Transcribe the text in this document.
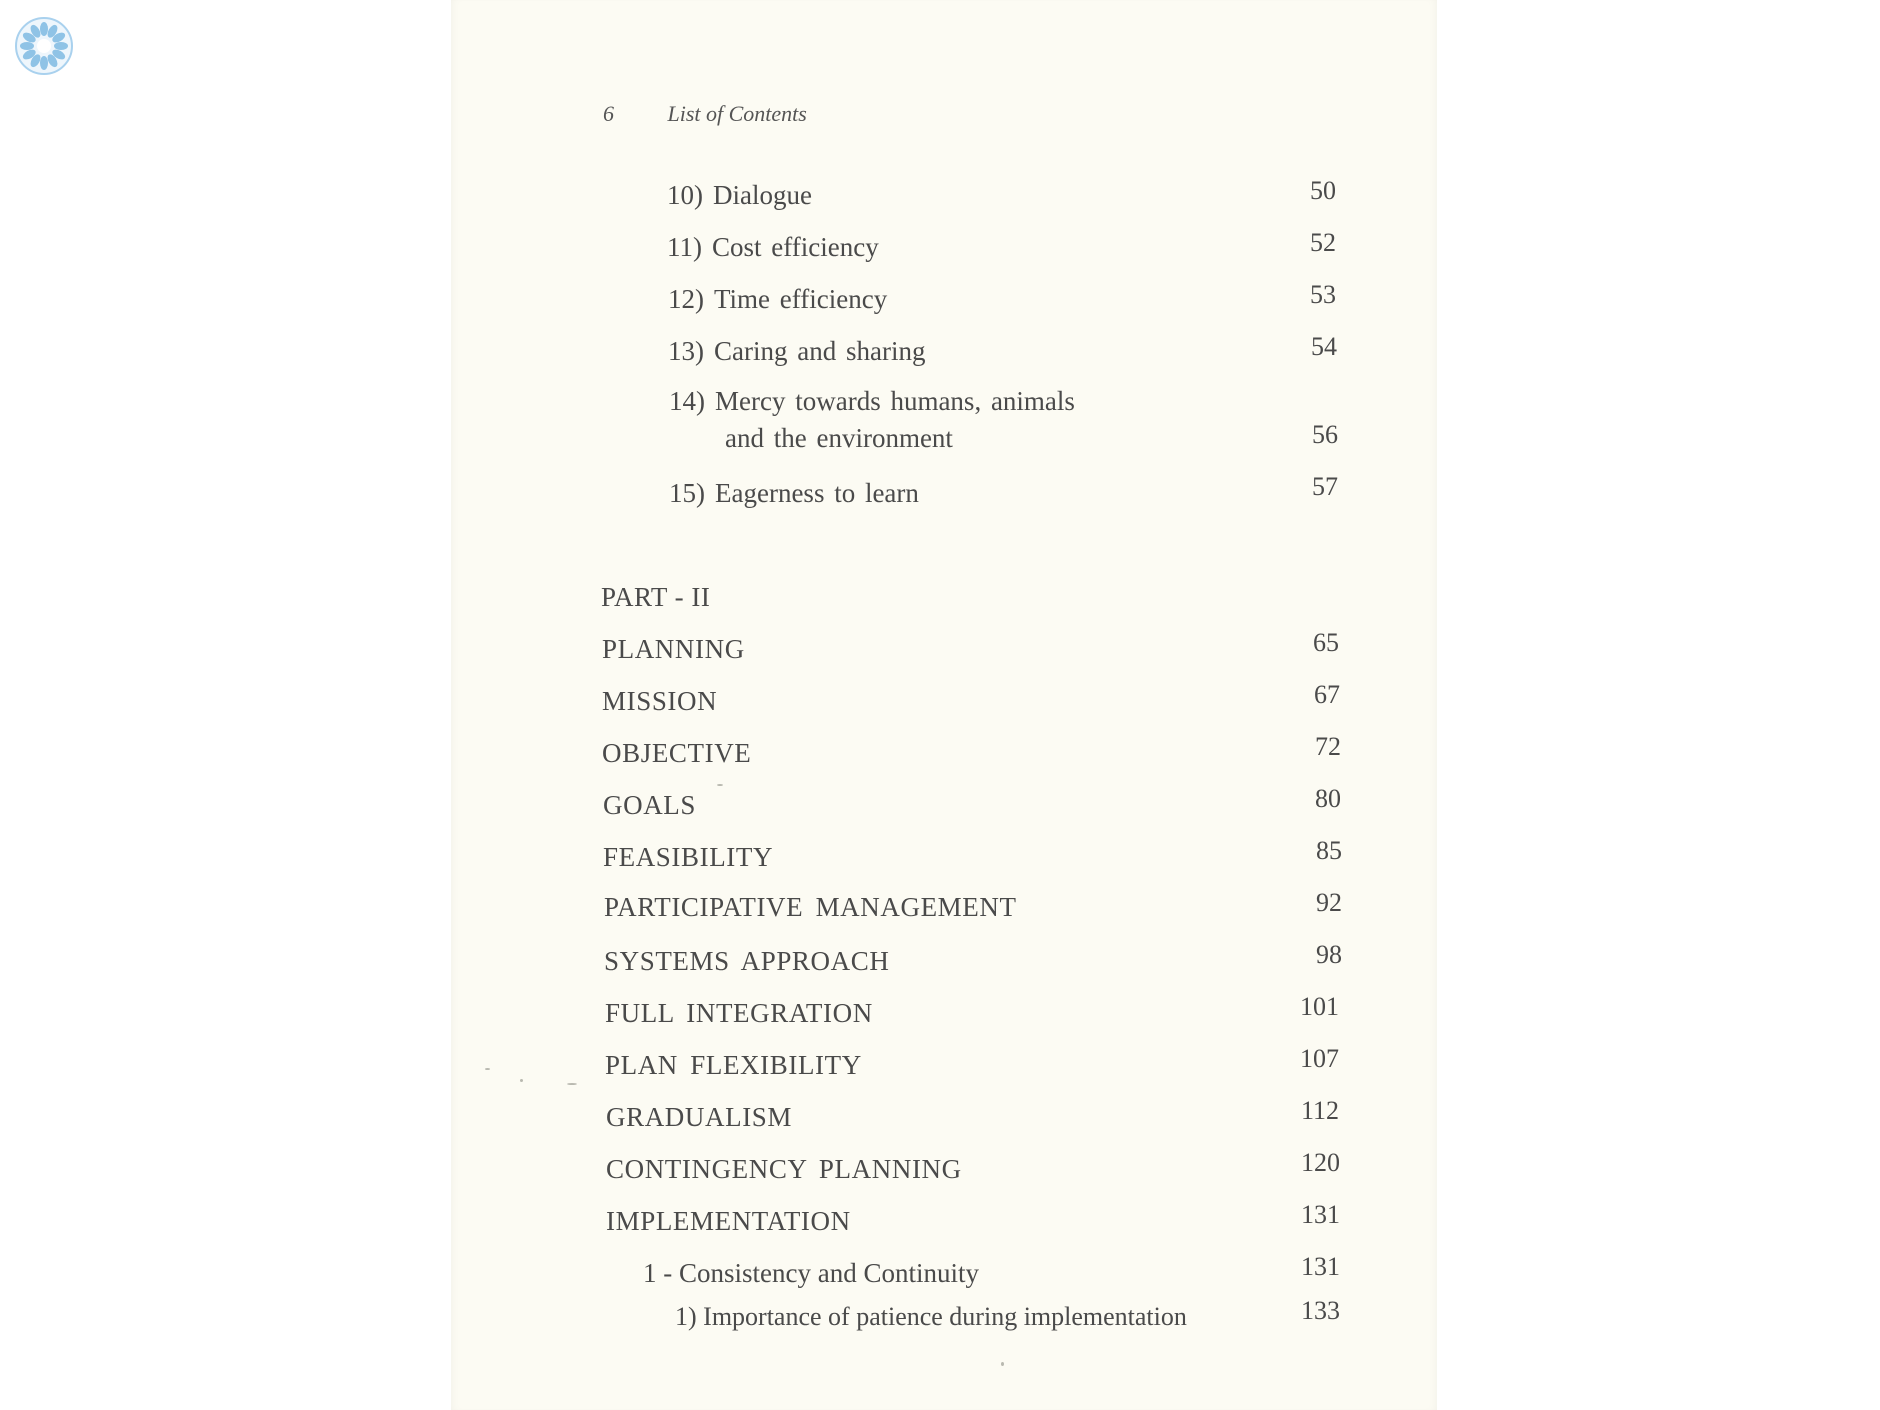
6 List of Contents
10) Dialogue	50
11) Cost efficiency	52
12) Time efficiency	53
13) Caring and sharing	54
14) Mercy towards humans, animals
and the environment	56
15) Eagerness to learn	57
PART - II
PLANNING	65
MISSION	67
OBJECTIVE	72
GOALS	80
FEASIBILITY	85
PARTICIPATIVE MANAGEMENT	92
SYSTEMS APPROACH	98
FULL INTEGRATION	101
PLAN FLEXIBILITY	107
GRADUALISM	112
CONTINGENCY PLANNING	120
IMPLEMENTATION	131
1 - Consistency and Continuity	131
1) Importance of patience during implementation	133
